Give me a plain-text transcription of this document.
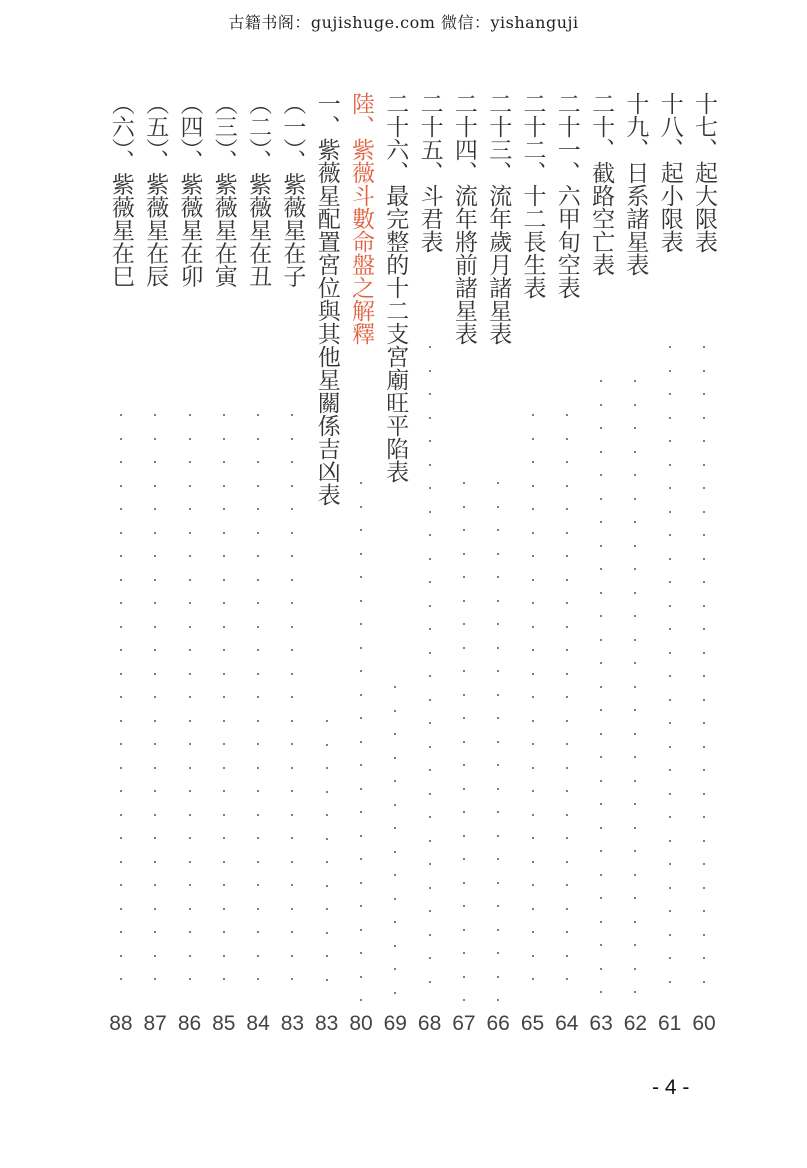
古籍书阁：gujishuge.com 微信：yishanguji
十七、起大限表
60
十八、起小限表
61
十九、日系諸星表
62
二十、截路空亡表
63
二十一、六甲旬空表
64
二十二、十二長生表
65
二十三、流年歲月諸星表
66
二十四、流年將前諸星表
67
二十五、斗君表
68
二十六、最完整的十二支宮廟旺平陷表
69
陸、紫薇斗數命盤之解釋
80
一、紫薇星配置宮位與其他星關係吉凶表
83
（一）、紫薇星在子
83
（二）、紫薇星在丑
84
（三）、紫薇星在寅
85
（四）、紫薇星在卯
86
（五）、紫薇星在辰
87
（六）、紫薇星在巳
88
- 4 -
